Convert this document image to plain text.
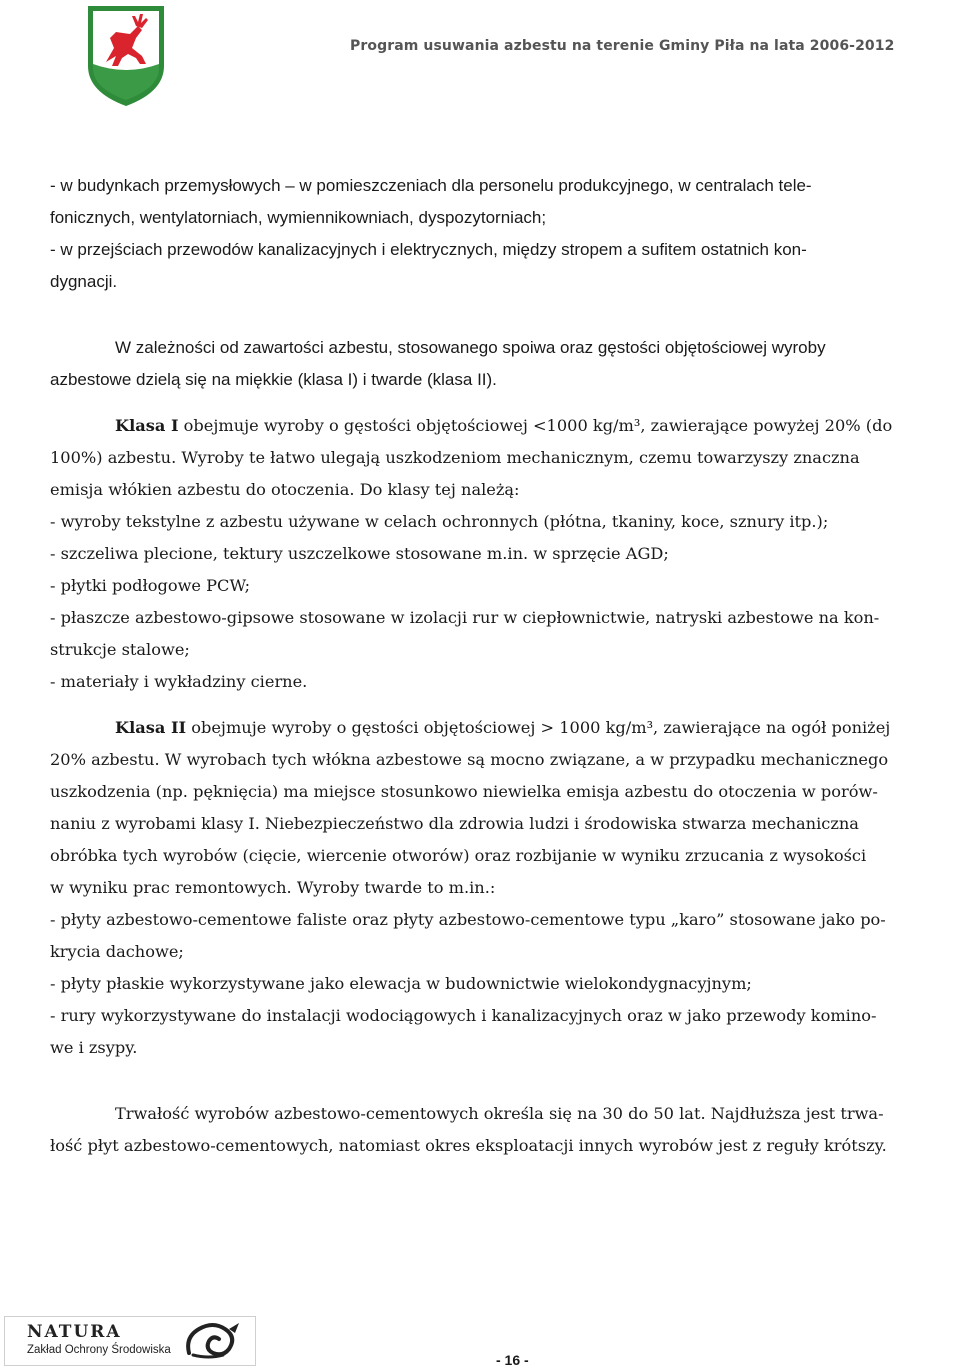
Program usuwania azbestu na terenie Gminy Piła na lata 2006-2012
- w budynkach przemysłowych – w pomieszczeniach dla personelu produkcyjnego, w centralach tele-
fonicznych, wentylatorniach, wymiennikowniach, dyspozytorniach;
- w przejściach przewodów kanalizacyjnych i elektrycznych, między stropem a sufitem ostatnich kon-
dygnacji.
W zależności od zawartości azbestu, stosowanego spoiwa oraz gęstości objętościowej wyroby
azbestowe dzielą się na miękkie (klasa I) i twarde (klasa II).
Klasa I obejmuje wyroby o gęstości objętościowej <1000 kg/m³, zawierające powyżej 20% (do
100%) azbestu. Wyroby te łatwo ulegają uszkodzeniom mechanicznym, czemu towarzyszy znaczna
emisja włókien azbestu do otoczenia. Do klasy tej należą:
- wyroby tekstylne z azbestu używane w celach ochronnych (płótna, tkaniny, koce, sznury itp.);
- szczeliwa plecione, tektury uszczelkowe stosowane m.in. w sprzęcie AGD;
- płytki podłogowe PCW;
- płaszcze azbestowo-gipsowe stosowane w izolacji rur w ciepłownictwie, natryski azbestowe na kon-
strukcje stalowe;
- materiały i wykładziny cierne.
Klasa II obejmuje wyroby o gęstości objętościowej > 1000 kg/m³, zawierające na ogół poniżej
20% azbestu. W wyrobach tych włókna azbestowe są mocno związane, a w przypadku mechanicznego
uszkodzenia (np. pęknięcia) ma miejsce stosunkowo niewielka emisja azbestu do otoczenia w porów-
naniu z wyrobami klasy I. Niebezpieczeństwo dla zdrowia ludzi i środowiska stwarza mechaniczna
obróbka tych wyrobów (cięcie, wiercenie otworów) oraz rozbijanie w wyniku zrzucania z wysokości
w wyniku prac remontowych. Wyroby twarde to m.in.:
- płyty azbestowo-cementowe faliste oraz płyty azbestowo-cementowe typu „karo” stosowane jako po-
krycia dachowe;
- płyty płaskie wykorzystywane jako elewacja w budownictwie wielokondygnacyjnym;
- rury wykorzystywane do instalacji wodociągowych i kanalizacyjnych oraz w jako przewody komino-
we i zsypy.
Trwałość wyrobów azbestowo-cementowych określa się na 30 do 50 lat. Najdłuższa jest trwa-
łość płyt azbestowo-cementowych, natomiast okres eksploatacji innych wyrobów jest z reguły krótszy.
NATURA
Zakład Ochrony Środowiska
- 16 -
